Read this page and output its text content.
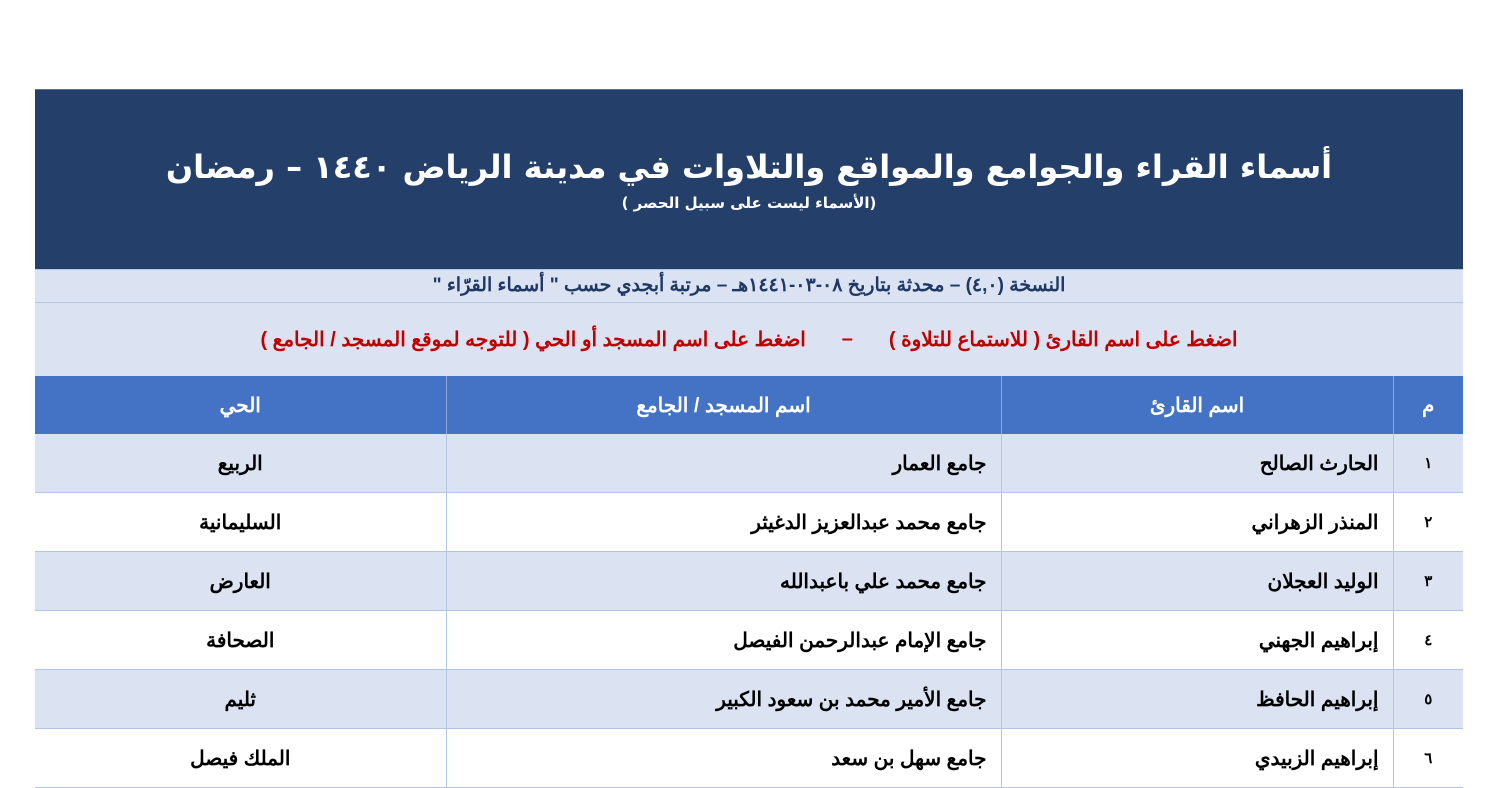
أسماء القراء والجوامع والمواقع والتلاوات في مدينة الرياض ١٤٤٠ – رمضان
(الأسماء ليست على سبيل الحصر )
النسخة (٤,٠) – محدثة بتاريخ ٠٨-٠٣-١٤٤١هـ – مرتبة أبجدي حسب " أسماء القرّاء "
اضغط على اسم القارئ ( للاستماع للتلاوة )
–
اضغط على اسم المسجد أو الحي ( للتوجه لموقع المسجد / الجامع )
م	اسم القارئ	اسم المسجد / الجامع	الحي
١	الحارث الصالح	جامع العمار	الربيع
٢	المنذر الزهراني	جامع محمد عبدالعزيز الدغيثر	السليمانية
٣	الوليد العجلان	جامع محمد علي باعبدالله	العارض
٤	إبراهيم الجهني	جامع الإمام عبدالرحمن الفيصل	الصحافة
٥	إبراهيم الحافظ	جامع الأمير محمد بن سعود الكبير	ثليم
٦	إبراهيم الزبيدي	جامع سهل بن سعد	الملك فيصل
